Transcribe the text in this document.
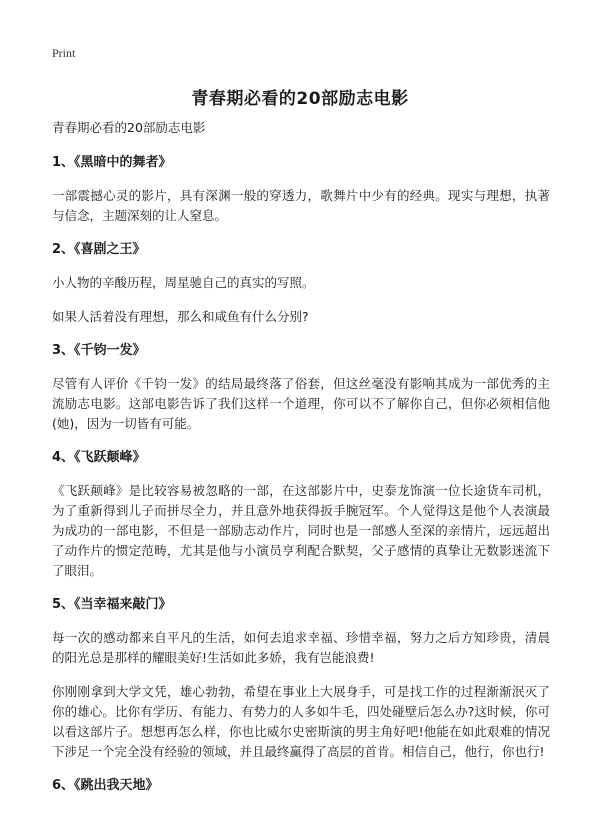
Print
青春期必看的20部励志电影
青春期必看的20部励志电影
1、《黑暗中的舞者》

一部震撼心灵的影片，具有深渊一般的穿透力，歌舞片中少有的经典。现实与理想，执著与信念，主题深刻的让人窒息。

2、《喜剧之王》

小人物的辛酸历程，周星驰自己的真实的写照。

如果人活着没有理想，那么和咸鱼有什么分别?

3、《千钧一发》

尽管有人评价《千钧一发》的结局最终落了俗套，但这丝毫没有影响其成为一部优秀的主流励志电影。这部电影告诉了我们这样一个道理，你可以不了解你自己，但你必须相信他(她)，因为一切皆有可能。

4、《飞跃颠峰》

《飞跃颠峰》是比较容易被忽略的一部，在这部影片中，史泰龙饰演一位长途货车司机，为了重新得到儿子而拼尽全力，并且意外地获得扳手腕冠军。个人觉得这是他个人表演最为成功的一部电影，不但是一部励志动作片，同时也是一部感人至深的亲情片，远远超出了动作片的惯定范畴，尤其是他与小演员亨利配合默契，父子感情的真挚让无数影迷流下了眼泪。

5、《当幸福来敲门》

每一次的感动都来自平凡的生活，如何去追求幸福、珍惜幸福，努力之后方知珍贵，清晨的阳光总是那样的耀眼美好!生活如此多娇，我有岂能浪费!

你刚刚拿到大学文凭，雄心勃勃，希望在事业上大展身手，可是找工作的过程渐渐泯灭了你的雄心。比你有学历、有能力、有势力的人多如牛毛，四处碰壁后怎么办?这时候，你可以看这部片子。想想再怎么样，你也比威尔史密斯演的男主角好吧!他能在如此艰难的情况下涉足一个完全没有经验的领域，并且最终赢得了高层的首肯。相信自己，他行，你也行!

6、《跳出我天地》
